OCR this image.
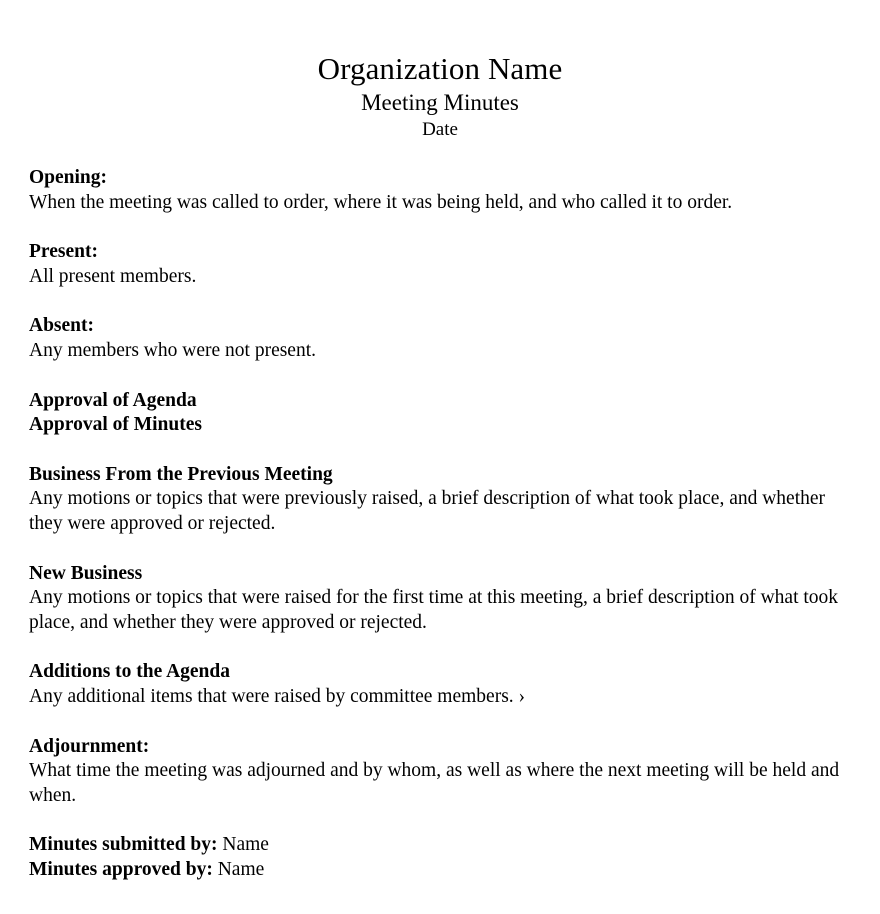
Organization Name
Meeting Minutes

Date

Opening:

When the meeting was called to order, where it was being held, and who called it to order.

Present:

All present members.

Absent:

Any members who were not present.

Approval of Agenda

Approval of Minutes

Business From the Previous Meeting

Any motions or topics that were previously raised, a brief description of what took place, and whether they were approved or rejected.

New Business

Any motions or topics that were raised for the first time at this meeting, a brief description of what took place, and whether they were approved or rejected.

Additions to the Agenda

Any additional items that were raised by committee members. ›

Adjournment:

What time the meeting was adjourned and by whom, as well as where the next meeting will be held and when.

Minutes submitted by: Name

Minutes approved by: Name
